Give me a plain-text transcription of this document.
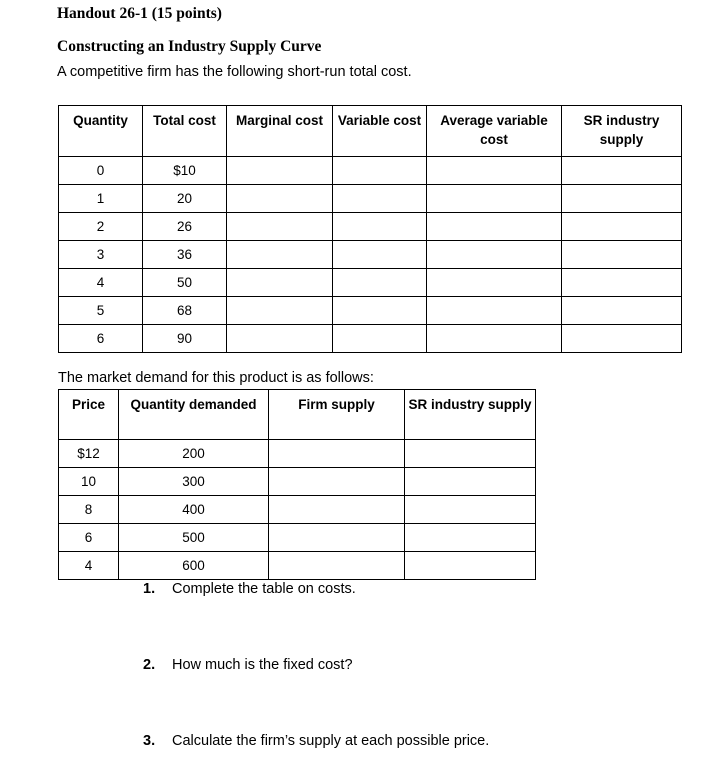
Handout 26-1 (15 points)
Constructing an Industry Supply Curve
A competitive firm has the following short-run total cost.
Quantity	Total cost	Marginal cost	Variable cost	Average variable cost	SR industry supply
0	$10				
1	20				
2	26				
3	36				
4	50				
5	68				
6	90				
The market demand for this product is as follows:
Price	Quantity demanded	Firm supply	SR industry supply
$12	200		
10	300		
8	400		
6	500		
4	600		
1. Complete the table on costs.
2. How much is the fixed cost?
3. Calculate the firm’s supply at each possible price.
